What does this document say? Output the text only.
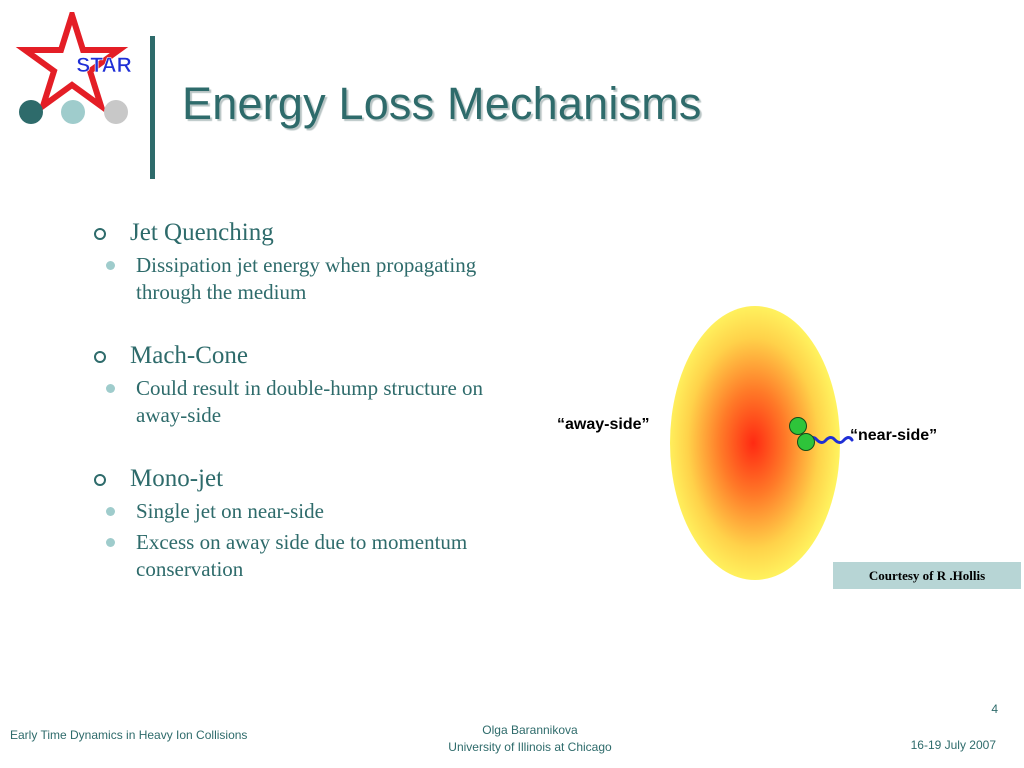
STAR
Energy Loss Mechanisms
Jet Quenching
Dissipation jet energy when propagating through the medium
Mach-Cone
Could result in double-hump structure on away-side
Mono-jet
Single jet on near-side
Excess on away side due to momentum conservation
“away-side”
“near-side”
Courtesy of R .Hollis
4
Early Time Dynamics in Heavy Ion Collisions	Olga Barannikova
University of Illinois at Chicago	16-19 July 2007
